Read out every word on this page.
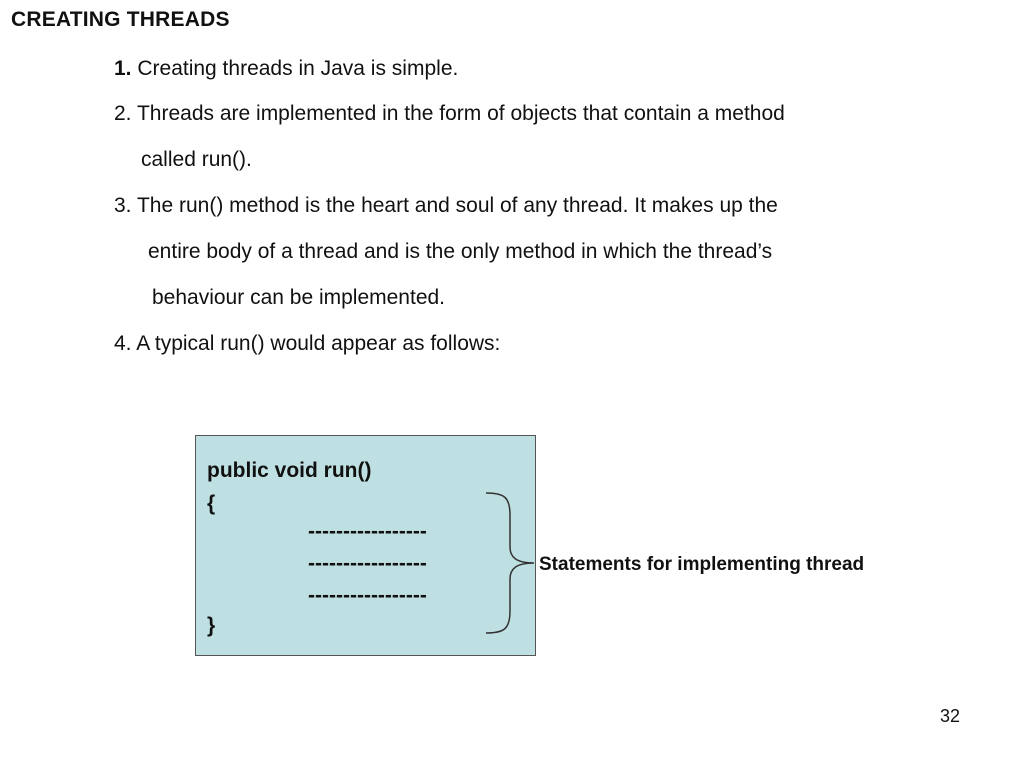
CREATING THREADS
1. Creating threads in Java is simple.
2. Threads are implemented in the form of objects that contain a method
called run().
3. The run() method is the heart and soul of any thread. It makes up the
entire body of a thread and is the only method in which the thread’s
behaviour can be implemented.
4. A typical run() would appear as follows:
public void run()
{
-----------------
-----------------
-----------------
}
Statements for implementing thread
32
